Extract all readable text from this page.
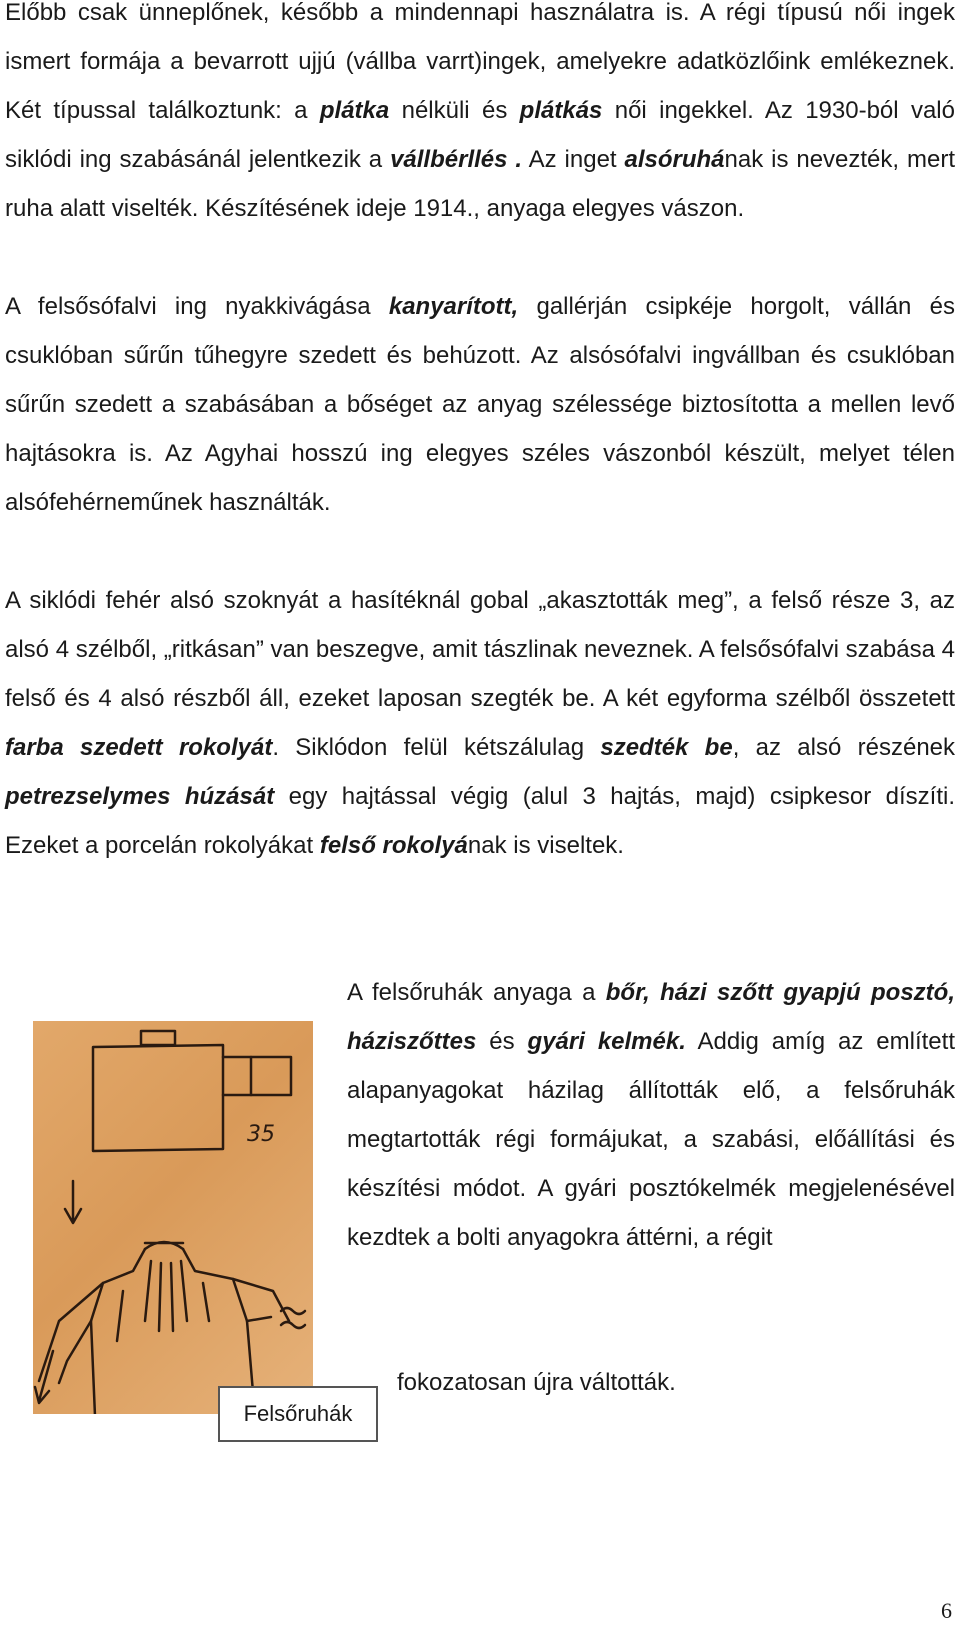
Előbb csak ünneplőnek, később a mindennapi használatra is. A régi típusú női ingek ismert formája a bevarrott ujjú (vállba varrt)ingek, amelyekre adatközlőink emlékeznek. Két típussal találkoztunk: a plátka nélküli és plátkás női ingekkel. Az 1930-ból való siklódi ing szabásánál jelentkezik a vállbérllés . Az inget alsóruhának is nevezték, mert ruha alatt viselték. Készítésének ideje 1914., anyaga elegyes vászon.

A felsősófalvi ing nyakkivágása kanyarított, gallérján csipkéje horgolt, vállán és csuklóban sűrűn tűhegyre szedett és behúzott. Az alsósófalvi ingvállban és csuklóban sűrűn szedett a szabásában a bőséget az anyag szélessége biztosította a mellen levő hajtásokra is. Az Agyhai hosszú ing elegyes széles vászonból készült, melyet télen alsófehérneműnek használták.

A siklódi fehér alsó szoknyát a hasítéknál gobal „akasztották meg”, a felső része 3, az alsó 4 szélből, „ritkásan” van beszegve, amit tászlinak neveznek. A felsősófalvi szabása 4 felső és 4 alsó részből áll, ezeket laposan szegték be. A két egyforma szélből összetett farba szedett rokolyát. Siklódon felül kétszálulag szedték be, az alsó részének petrezselymes húzását egy hajtással végig (alul 3 hajtás, majd) csipkesor díszíti. Ezeket a porcelán rokolyákat felső rokolyának is viseltek.

A felsőruhák anyaga a bőr, házi szőtt gyapjú posztó, háziszőttes és gyári kelmék. Addig amíg az említett alapanyagokat házilag állították elő, a felsőruhák megtartották régi formájukat, a szabási, előállítási és készítési módot. A gyári posztókelmék megjelenésével kezdtek a bolti anyagokra áttérni, a régit

fokozatosan újra váltották.

35
Felsőruhák
6
